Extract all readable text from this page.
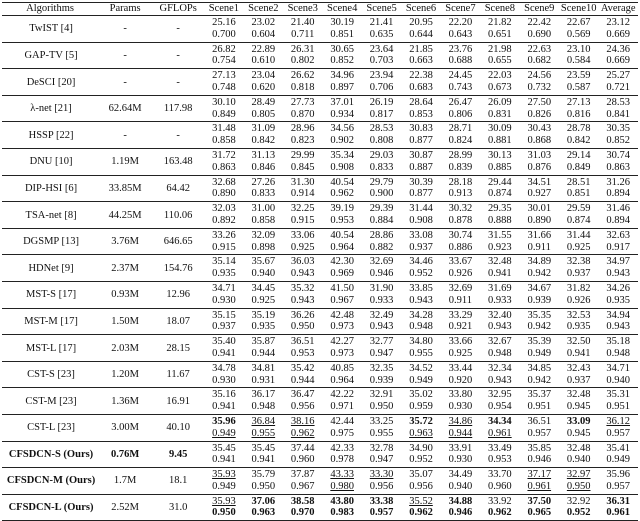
Algorithms	Params	GFLOPs	Scene1	Scene2	Scene3	Scene4	Scene5	Scene6	Scene7	Scene8	Scene9	Scene10	Average
TwIST [4]	-	-	25.16	23.02	21.40	30.19	21.41	20.95	22.20	21.82	22.42	22.67	23.12
			0.700	0.604	0.711	0.851	0.635	0.644	0.643	0.651	0.690	0.569	0.669
GAP-TV [5]	-	-	26.82	22.89	26.31	30.65	23.64	21.85	23.76	21.98	22.63	23.10	24.36
			0.754	0.610	0.802	0.852	0.703	0.663	0.688	0.655	0.682	0.584	0.669
DeSCI [20]	-	-	27.13	23.04	26.62	34.96	23.94	22.38	24.45	22.03	24.56	23.59	25.27
			0.748	0.620	0.818	0.897	0.706	0.683	0.743	0.673	0.732	0.587	0.721
λ-net [21]	62.64M	117.98	30.10	28.49	27.73	37.01	26.19	28.64	26.47	26.09	27.50	27.13	28.53
			0.849	0.805	0.870	0.934	0.817	0.853	0.806	0.831	0.826	0.816	0.841
HSSP [22]	-	-	31.48	31.09	28.96	34.56	28.53	30.83	28.71	30.09	30.43	28.78	30.35
			0.858	0.842	0.823	0.902	0.808	0.877	0.824	0.881	0.868	0.842	0.852
DNU [10]	1.19M	163.48	31.72	31.13	29.99	35.34	29.03	30.87	28.99	30.13	31.03	29.14	30.74
			0.863	0.846	0.845	0.908	0.833	0.887	0.839	0.885	0.876	0.849	0.863
DIP-HSI [6]	33.85M	64.42	32.68	27.26	31.30	40.54	29.79	30.39	28.18	29.44	34.51	28.51	31.26
			0.890	0.833	0.914	0.962	0.900	0.877	0.913	0.874	0.927	0.851	0.894
TSA-net [8]	44.25M	110.06	32.03	31.00	32.25	39.19	29.39	31.44	30.32	29.35	30.01	29.59	31.46
			0.892	0.858	0.915	0.953	0.884	0.908	0.878	0.888	0.890	0.874	0.894
DGSMP [13]	3.76M	646.65	33.26	32.09	33.06	40.54	28.86	33.08	30.74	31.55	31.66	31.44	32.63
			0.915	0.898	0.925	0.964	0.882	0.937	0.886	0.923	0.911	0.925	0.917
HDNet [9]	2.37M	154.76	35.14	35.67	36.03	42.30	32.69	34.46	33.67	32.48	34.89	32.38	34.97
			0.935	0.940	0.943	0.969	0.946	0.952	0.926	0.941	0.942	0.937	0.943
MST-S [17]	0.93M	12.96	34.71	34.45	35.32	41.50	31.90	33.85	32.69	31.69	34.67	31.82	34.26
			0.930	0.925	0.943	0.967	0.933	0.943	0.911	0.933	0.939	0.926	0.935
MST-M [17]	1.50M	18.07	35.15	35.19	36.26	42.48	32.49	34.28	33.29	32.40	35.35	32.53	34.94
			0.937	0.935	0.950	0.973	0.943	0.948	0.921	0.943	0.942	0.935	0.943
MST-L [17]	2.03M	28.15	35.40	35.87	36.51	42.27	32.77	34.80	33.66	32.67	35.39	32.50	35.18
			0.941	0.944	0.953	0.973	0.947	0.955	0.925	0.948	0.949	0.941	0.948
CST-S [23]	1.20M	11.67	34.78	34.81	35.42	40.85	32.35	34.52	33.44	32.34	34.85	32.43	34.71
			0.930	0.931	0.944	0.964	0.939	0.949	0.920	0.943	0.942	0.937	0.940
CST-M [23]	1.36M	16.91	35.16	36.17	36.47	42.22	32.91	35.02	33.80	32.95	35.37	32.48	35.31
			0.941	0.948	0.956	0.971	0.950	0.959	0.930	0.954	0.951	0.945	0.951
CST-L [23]	3.00M	40.10	35.96	36.84	38.16	42.44	33.25	35.72	34.86	34.34	36.51	33.09	36.12
			0.949	0.955	0.962	0.975	0.955	0.963	0.944	0.961	0.957	0.945	0.957
CFSDCN-S (Ours)	0.76M	9.45	35.45	35.45	37.44	42.33	32.78	34.90	33.91	33.49	35.85	32.48	35.41
			0.941	0.941	0.960	0.978	0.947	0.952	0.930	0.953	0.946	0.940	0.949
CFSDCN-M (Ours)	1.7M	18.1	35.93	35.79	37.87	43.33	33.30	35.07	34.49	33.70	37.17	32.97	35.96
			0.949	0.950	0.967	0.980	0.956	0.956	0.940	0.960	0.961	0.950	0.957
CFSDCN-L (Ours)	2.52M	31.0	35.93	37.06	38.58	43.80	33.38	35.52	34.88	33.92	37.50	32.92	36.31
			0.950	0.963	0.970	0.983	0.957	0.962	0.946	0.962	0.965	0.952	0.961
